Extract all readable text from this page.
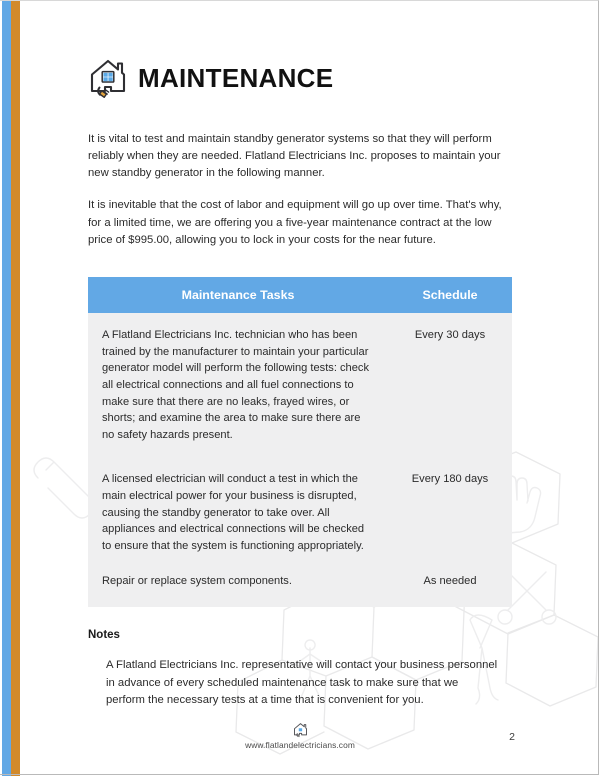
MAINTENANCE

It is vital to test and maintain standby generator systems so that they will perform reliably when they are needed. Flatland Electricians Inc. proposes to maintain your new standby generator in the following manner.

It is inevitable that the cost of labor and equipment will go up over time. That's why, for a limited time, we are offering you a five-year maintenance contract at the low price of $995.00, allowing you to lock in your costs for the near future.

Maintenance Tasks	Schedule
A Flatland Electricians Inc. technician who has been trained by the manufacturer to maintain your particular generator model will perform the following tests: check all electrical connections and all fuel connections to make sure that there are no leaks, frayed wires, or shorts; and examine the area to make sure there are no safety hazards present.	Every 30 days
A licensed electrician will conduct a test in which the main electrical power for your business is disrupted, causing the standby generator to take over. All appliances and electrical connections will be checked to ensure that the system is functioning appropriately.	Every 180 days
Repair or replace system components.	As needed

Notes

A Flatland Electricians Inc. representative will contact your business personnel in advance of every scheduled maintenance task to make sure that we perform the necessary tests at a time that is convenient for you.

www.flatlandelectricians.com
2
